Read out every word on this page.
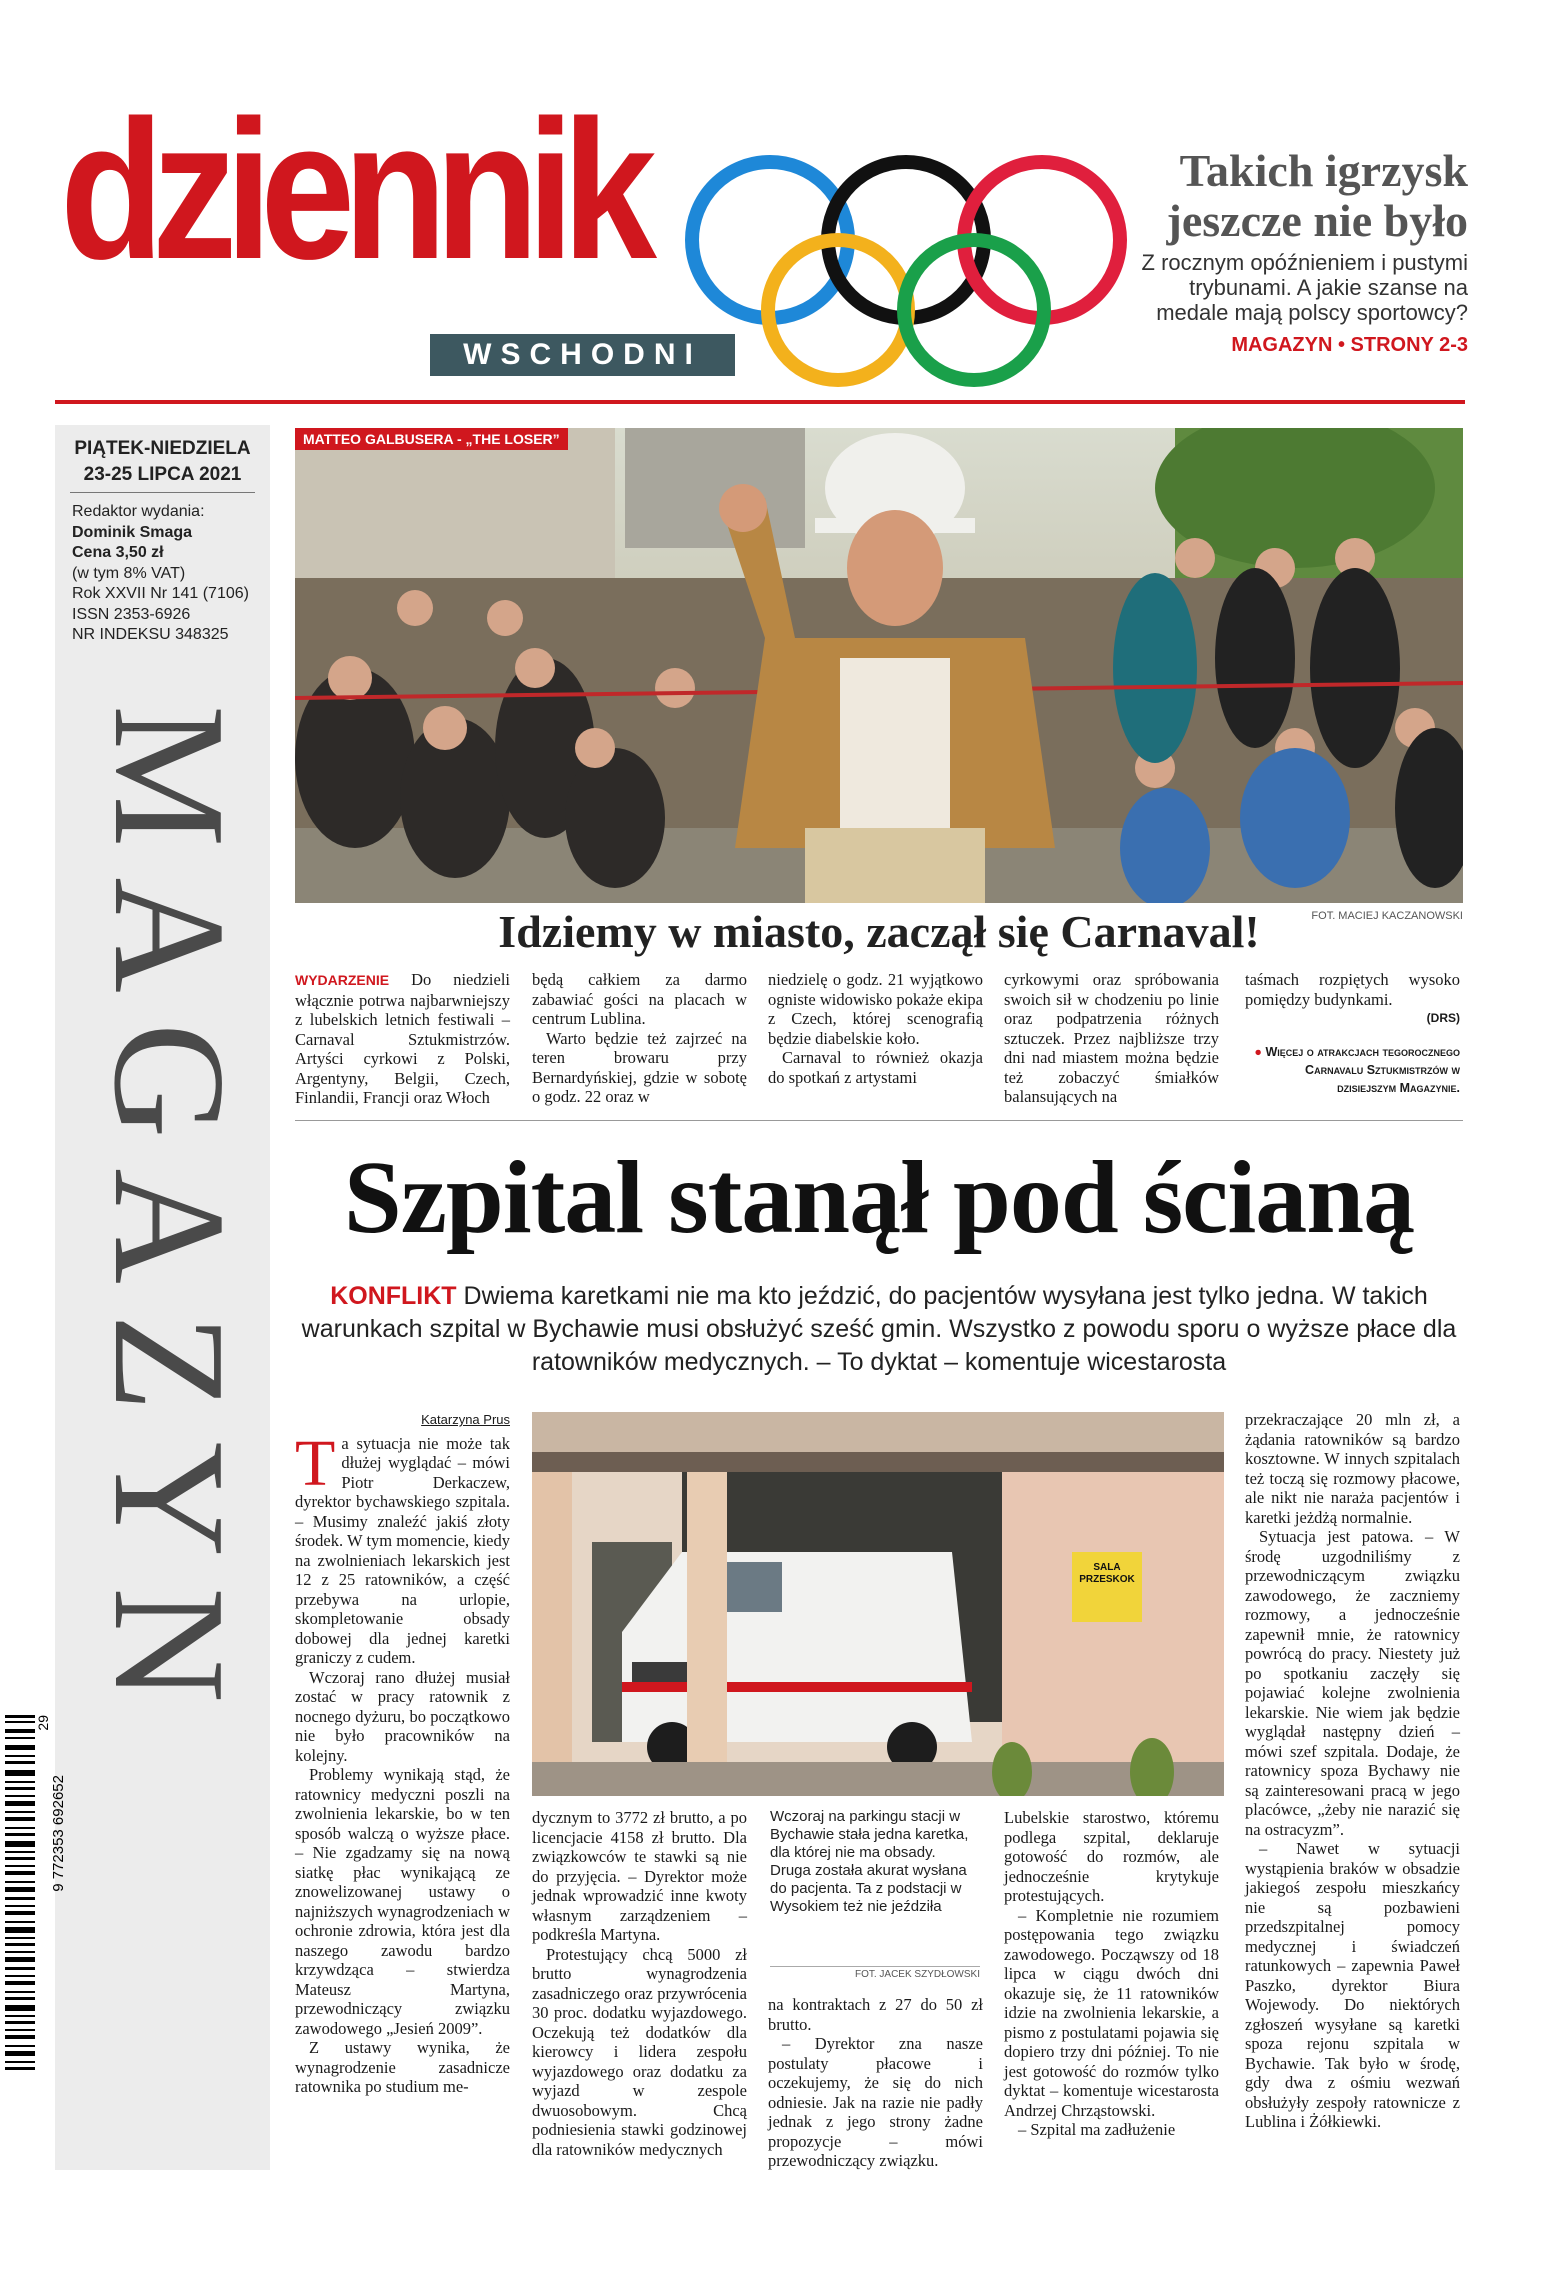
dziennik
WSCHODNI
Takich igrzysk
jeszcze nie było
Z rocznym opóźnieniem i pustymi trybunami. A jakie szanse na medale mają polscy sportowcy?
MAGAZYN • STRONY 2-3
PIĄTEK-NIEDZIELA
23-25 LIPCA 2021
Redaktor wydania:
Dominik Smaga
Cena 3,50 zł
(w tym 8% VAT)
Rok XXVII Nr 141 (7106)
ISSN 2353-6926
NR INDEKSU 348325
MAGAZYN
9 772353 692652
29
MATTEO GALBUSERA - „THE LOSER”
FOT. MACIEJ KACZANOWSKI
Idziemy w miasto, zaczął się Carnaval!

WYDARZENIE Do niedzieli włącznie potrwa najbarwniejszy z lubelskich letnich festiwali – Carnaval Sztukmistrzów. Artyści cyrkowi z Polski, Argentyny, Belgii, Czech, Finlandii, Francji oraz Włoch

będą całkiem za darmo zabawiać gości na placach w centrum Lublina.

Warto będzie też zajrzeć na teren browaru przy Bernardyńskiej, gdzie w sobotę o godz. 22 oraz w

niedzielę o godz. 21 wyjątkowo ogniste widowisko pokaże ekipa z Czech, której scenografią będzie diabelskie koło.

Carnaval to również okazja do spotkań z artystami

cyrkowymi oraz spróbowania swoich sił w chodzeniu po linie oraz podpatrzenia różnych sztuczek. Przez najbliższe trzy dni nad miastem można będzie też zobaczyć śmiałków balansujących na

taśmach rozpiętych wysoko pomiędzy budynkami.

(DRS)
● Więcej o atrakcjach tegorocznego Carnavalu Sztukmistrzów w dzisiejszym Magazynie.
Szpital stanął pod ścianą
KONFLIKT Dwiema karetkami nie ma kto jeździć, do pacjentów wysyłana jest tylko jedna. W takich warunkach szpital w Bychawie musi obsłużyć sześć gmin. Wszystko z powodu sporu o wyższe płace dla ratowników medycznych. – To dyktat – komentuje wicestarosta
Katarzyna Prus

Ta sytuacja nie może tak dłużej wyglądać – mówi Piotr Derkaczew, dyrektor bychawskiego szpitala. – Musimy znaleźć jakiś złoty środek. W tym momencie, kiedy na zwolnieniach lekarskich jest 12 z 25 ratowników, a część przebywa na urlopie, skompletowanie obsady dobowej dla jednej karetki graniczy z cudem.

Wczoraj rano dłużej musiał zostać w pracy ratownik z nocnego dyżuru, bo początkowo nie było pracowników na kolejny.

Problemy wynikają stąd, że ratownicy medyczni poszli na zwolnienia lekarskie, bo w ten sposób walczą o wyższe płace. – Nie zgadzamy się na nową siatkę płac wynikającą ze znowelizowanej ustawy o najniższych wynagrodzeniach w ochronie zdrowia, która jest dla naszego zawodu bardzo krzywdząca – stwierdza Mateusz Martyna, przewodniczący związku zawodowego „Jesień 2009”.

Z ustawy wynika, że wynagrodzenie zasadnicze ratownika po studium me-

SALA PRZESKOK

dycznym to 3772 zł brutto, a po licencjacie 4158 zł brutto. Dla związkowców te stawki są nie do przyjęcia. – Dyrektor może jednak wprowadzić inne kwoty własnym zarządzeniem – podkreśla Martyna.

Protestujący chcą 5000 zł brutto wynagrodzenia zasadniczego oraz przywrócenia 30 proc. dodatku wyjazdowego. Oczekują też dodatków dla kierowcy i lidera zespołu wyjazdowego oraz dodatku za wyjazd w zespole dwuosobowym. Chcą podniesienia stawki godzinowej dla ratowników medycznych

Wczoraj na parkingu stacji w Bychawie stała jedna karetka, dla której nie ma obsady. Druga została akurat wysłana do pacjenta. Ta z podstacji w Wysokiem też nie jeździła
FOT. JACEK SZYDŁOWSKI

na kontraktach z 27 do 50 zł brutto.

– Dyrektor zna nasze postulaty płacowe i oczekujemy, że się do nich odniesie. Jak na razie nie padły jednak z jego strony żadne propozycje – mówi przewodniczący związku.

Lubelskie starostwo, któremu podlega szpital, deklaruje gotowość do rozmów, ale jednocześnie krytykuje protestujących.

– Kompletnie nie rozumiem postępowania tego związku zawodowego. Począwszy od 18 lipca w ciągu dwóch dni okazuje się, że 11 ratowników idzie na zwolnienia lekarskie, a pismo z postulatami pojawia się dopiero trzy dni później. To nie jest gotowość do rozmów tylko dyktat – komentuje wicestarosta Andrzej Chrząstowski.

– Szpital ma zadłużenie

przekraczające 20 mln zł, a żądania ratowników są bardzo kosztowne. W innych szpitalach też toczą się rozmowy płacowe, ale nikt nie naraża pacjentów i karetki jeżdżą normalnie.

Sytuacja jest patowa. – W środę uzgodniliśmy z przewodniczącym związku zawodowego, że zaczniemy rozmowy, a jednocześnie zapewnił mnie, że ratownicy powrócą do pracy. Niestety już po spotkaniu zaczęły się pojawiać kolejne zwolnienia lekarskie. Nie wiem jak będzie wyglądał następny dzień – mówi szef szpitala. Dodaje, że ratownicy spoza Bychawy nie są zainteresowani pracą w jego placówce, „żeby nie narazić się na ostracyzm”.

– Nawet w sytuacji wystąpienia braków w obsadzie jakiegoś zespołu mieszkańcy nie są pozbawieni przedszpitalnej pomocy medycznej i świadczeń ratunkowych – zapewnia Paweł Paszko, dyrektor Biura Wojewody. Do niektórych zgłoszeń wysyłane są karetki spoza rejonu szpitala w Bychawie. Tak było w środę, gdy dwa z ośmiu wezwań obsłużyły zespoły ratownicze z Lublina i Żółkiewki.
